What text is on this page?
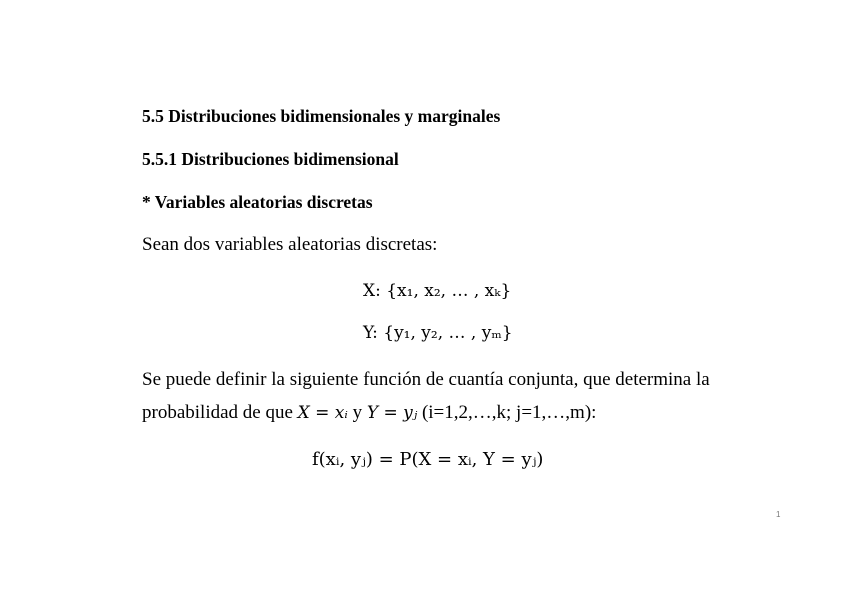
5.5 Distribuciones bidimensionales y marginales
5.5.1 Distribuciones bidimensional
* Variables aleatorias discretas
Sean dos variables aleatorias discretas:
X: {x₁, x₂, … , xₖ}
Y: {y₁, y₂, … , yₘ}
Se puede definir la siguiente función de cuantía conjunta, que determina la
probabilidad de que X = xᵢ y Y = yⱼ (i=1,2,…,k; j=1,…,m):
f(xᵢ, yⱼ) = P(X = xᵢ, Y = yⱼ)
1
